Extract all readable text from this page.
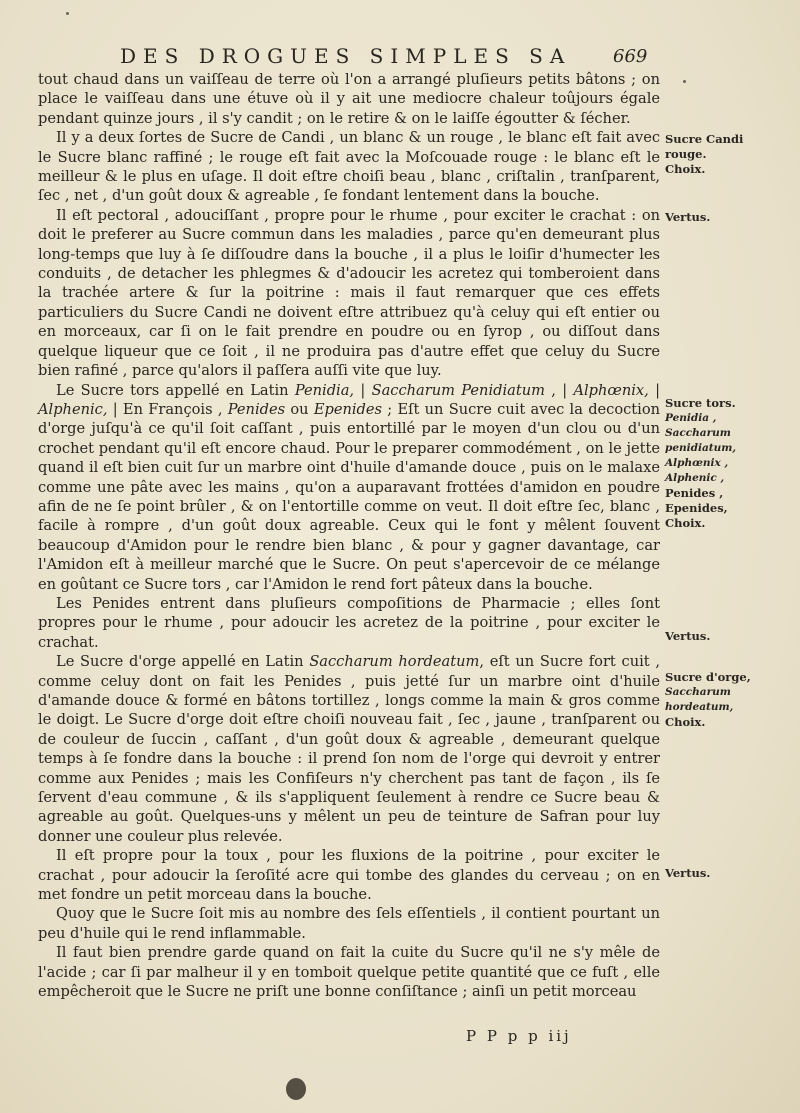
DES DROGUES SIMPLES SA 669

tout chaud dans un vaiſſeau de terre où l'on a arrangé pluſieurs petits bâtons ; on place le vaiſſeau dans une étuve où il y ait une mediocre chaleur toûjours égale pendant quinze jours , il s'y candit ; on le retire & on le laiſſe égoutter & ſécher.

Il y a deux ſortes de Sucre de Candi , un blanc & un rouge , le blanc eſt fait avec le Sucre blanc raffiné ; le rouge eſt fait avec la Moſcouade rouge : le blanc eſt le meilleur & le plus en uſage. Il doit eſtre choiſi beau , blanc , criſtalin , tranſparent, ſec , net , d'un goût doux & agreable , ſe fondant lentement dans la bouche.

Il eſt pectoral , adouciſſant , propre pour le rhume , pour exciter le crachat : on doit le preferer au Sucre commun dans les maladies , parce qu'en demeurant plus long-temps que luy à ſe diſſoudre dans la bouche , il a plus le loiſir d'humecter les conduits , de detacher les phlegmes & d'adoucir les acretez qui tomberoient dans la trachée artere & ſur la poitrine : mais il faut remarquer que ces effets particuliers du Sucre Candi ne doivent eſtre attribuez qu'à celuy qui eſt entier ou en morceaux, car ſi on le fait prendre en poudre ou en ſyrop , ou diſſout dans quelque liqueur que ce ſoit , il ne produira pas d'autre effet que celuy du Sucre bien rafiné , parce qu'alors il paſſera auſſi vite que luy.

Le Sucre tors appellé en Latin Penidia, | Saccharum Penidiatum , | Alphœnix, | Alphenic, | En François , Penides ou Epenides ; Eſt un Sucre cuit avec la decoction d'orge juſqu'à ce qu'il ſoit caſſant , puis entortillé par le moyen d'un clou ou d'un crochet pendant qu'il eſt encore chaud. Pour le preparer commodément , on le jette quand il eſt bien cuit ſur un marbre oint d'huile d'amande douce , puis on le malaxe comme une pâte avec les mains , qu'on a auparavant frottées d'amidon en poudre afin de ne ſe point brûler , & on l'entortille comme on veut. Il doit eſtre ſec, blanc , facile à rompre , d'un goût doux agreable. Ceux qui le font y mêlent ſouvent beaucoup d'Amidon pour le rendre bien blanc , & pour y gagner davantage, car l'Amidon eſt à meilleur marché que le Sucre. On peut s'apercevoir de ce mélange en goûtant ce Sucre tors , car l'Amidon le rend fort pâteux dans la bouche.

Les Penides entrent dans pluſieurs compoſitions de Pharmacie ; elles ſont propres pour le rhume , pour adoucir les acretez de la poitrine , pour exciter le crachat.

Le Sucre d'orge appellé en Latin Saccharum hordeatum, eſt un Sucre fort cuit , comme celuy dont on fait les Penides , puis jetté ſur un marbre oint d'huile d'amande douce & formé en bâtons tortillez , longs comme la main & gros comme le doigt. Le Sucre d'orge doit eſtre choiſi nouveau fait , ſec , jaune , tranſparent ou de couleur de ſuccin , caſſant , d'un goût doux & agreable , demeurant quelque temps à ſe fondre dans la bouche : il prend ſon nom de l'orge qui devroit y entrer comme aux Penides ; mais les Confiſeurs n'y cherchent pas tant de façon , ils ſe ſervent d'eau commune , & ils s'appliquent ſeulement à rendre ce Sucre beau & agreable au goût. Quelques-uns y mêlent un peu de teinture de Safran pour luy donner une couleur plus relevée.

Il eſt propre pour la toux , pour les fluxions de la poitrine , pour exciter le crachat , pour adoucir la ſeroſité acre qui tombe des glandes du cerveau ; on en met fondre un petit morceau dans la bouche.

Quoy que le Sucre ſoit mis au nombre des ſels eſſentiels , il contient pourtant un peu d'huile qui le rend inflammable.

Il faut bien prendre garde quand on fait la cuite du Sucre qu'il ne s'y mêle de l'acide ; car ſi par malheur il y en tomboit quelque petite quantité que ce fuſt , elle empêcheroit que le Sucre ne priſt une bonne conſiſtance ; ainſi un petit morceau

Sucre Candi
rouge.
Choix.
Vertus.
Sucre tors.
Penidia ,
Saccharum
penidiatum,
Alphœnix ,
Alphenic ,
Penides ,
Epenides,
Choix.
Vertus.
Sucre d'orge,
Saccharum
hordeatum,
Choix.
Vertus.
P P p p iij
